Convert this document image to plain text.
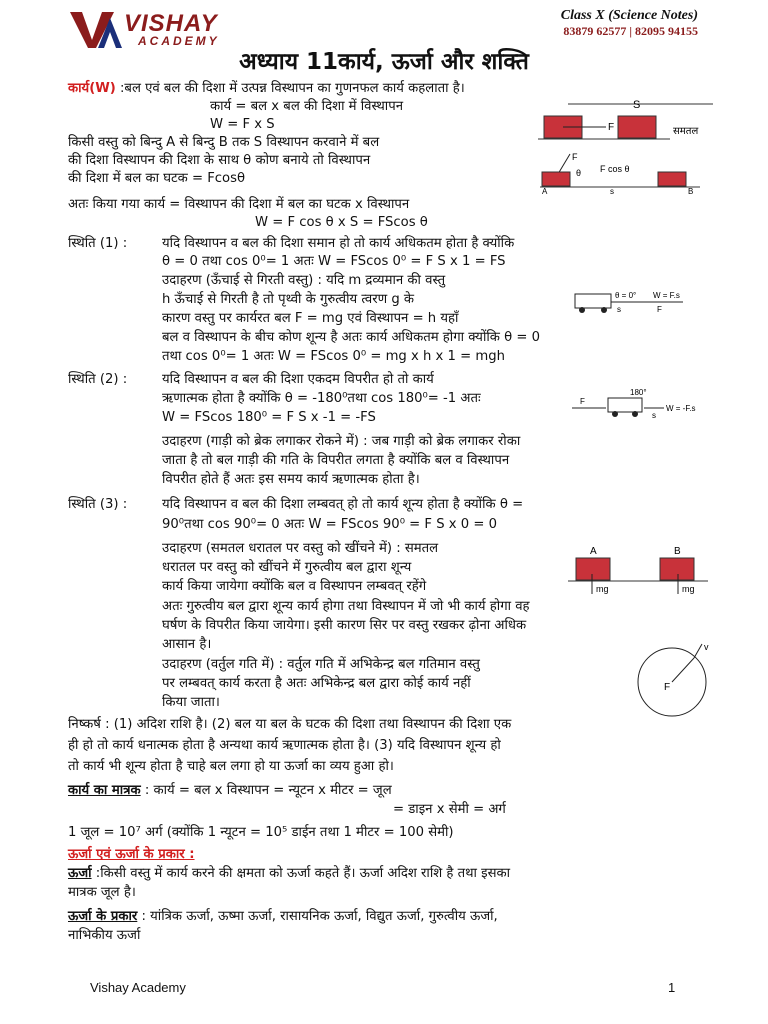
VISHAY
ACADEMY
Class X (Science Notes)
83879 62577 | 82095 94155
अध्याय 11कार्य, ऊर्जा और शक्ति
कार्य(W) :बल एवं बल की दिशा में उत्पन्न विस्थापन का गुणनफल कार्य कहलाता है।
कार्य = बल x बल की दिशा में विस्थापन
W = F x S
किसी वस्तु को बिन्दु A से बिन्दु B तक S विस्थापन करवाने में बल
की दिशा विस्थापन की दिशा के साथ θ कोण बनाये तो विस्थापन
की दिशा में बल का घटक = Fcosθ
अतः किया गया कार्य = विस्थापन की दिशा में बल का घटक x विस्थापन
W = F cos θ x S = FScos θ
स्थिति (1) :	यदि विस्थापन व बल की दिशा समान हो तो कार्य अधिकतम होता है क्योंकि
θ = 0 तथा cos 0⁰= 1 अतः W = FScos 0⁰ = F S x 1 = FS
उदाहरण (ऊँचाई से गिरती वस्तु) : यदि m द्रव्यमान की वस्तु
h ऊँचाई से गिरती है तो पृथ्वी के गुरुत्वीय त्वरण g के
कारण वस्तु पर कार्यरत बल F = mg एवं विस्थापन = h यहाँ
बल व विस्थापन के बीच कोण शून्य है अतः कार्य अधिकतम होगा क्योंकि θ = 0
तथा cos 0⁰= 1 अतः W = FScos 0⁰ = mg x h x 1 = mgh
स्थिति (2) :	यदि विस्थापन व बल की दिशा एकदम विपरीत हो तो कार्य
ऋणात्मक होता है क्योंकि θ = -180⁰तथा cos 180⁰= -1 अतः
W = FScos 180⁰ = F S x -1 = -FS
उदाहरण (गाड़ी को ब्रेक लगाकर रोकने में) : जब गाड़ी को ब्रेक लगाकर रोका
जाता है तो बल गाड़ी की गति के विपरीत लगता है क्योंकि बल व विस्थापन
विपरीत होते हैं अतः इस समय कार्य ऋणात्मक होता है।
स्थिति (3) :	यदि विस्थापन व बल की दिशा लम्बवत् हो तो कार्य शून्य होता है क्योंकि θ =
90⁰तथा cos 90⁰= 0 अतः W = FScos 90⁰ = F S x 0 = 0
उदाहरण (समतल धरातल पर वस्तु को खींचने में) : समतल
धरातल पर वस्तु को खींचने में गुरुत्वीय बल द्वारा शून्य
कार्य किया जायेगा क्योंकि बल व विस्थापन लम्बवत् रहेंगे
अतः गुरुत्वीय बल द्वारा शून्य कार्य होगा तथा विस्थापन में जो भी कार्य होगा वह
घर्षण के विपरीत किया जायेगा। इसी कारण सिर पर वस्तु रखकर ढ़ोना अधिक
आसान है।
उदाहरण (वर्तुल गति में) : वर्तुल गति में अभिकेन्द्र बल गतिमान वस्तु
पर लम्बवत् कार्य करता है अतः अभिकेन्द्र बल द्वारा कोई कार्य नहीं
किया जाता।
निष्कर्ष : (1) अदिश राशि है। (2) बल या बल के घटक की दिशा तथा विस्थापन की दिशा एक
ही हो तो कार्य धनात्मक होता है अन्यथा कार्य ऋणात्मक होता है। (3) यदि विस्थापन शून्य हो
तो कार्य भी शून्य होता है चाहे बल लगा हो या ऊर्जा का व्यय हुआ हो।
कार्य का मात्रक : कार्य = बल x विस्थापन = न्यूटन x मीटर = जूल
= डाइन x सेमी = अर्ग
1 जूल = 10⁷ अर्ग (क्योंकि 1 न्यूटन = 10⁵ डाईन तथा 1 मीटर = 100 सेमी)
ऊर्जा एवं ऊर्जा के प्रकार :
ऊर्जा :किसी वस्तु में कार्य करने की क्षमता को ऊर्जा कहते हैं। ऊर्जा अदिश राशि है तथा इसका
मात्रक जूल है।
ऊर्जा के प्रकार : यांत्रिक ऊर्जा, ऊष्मा ऊर्जा, रासायनिक ऊर्जा, विद्युत ऊर्जा, गुरुत्वीय ऊर्जा,
नाभिकीय ऊर्जा
S
F	समतल
F
θ F cos θ
A	s	B
θ = 0° W = F.s
s	F
180°
F
s
W = -F.s
A	B
mg	mg
v
F
Vishay Academy	1
